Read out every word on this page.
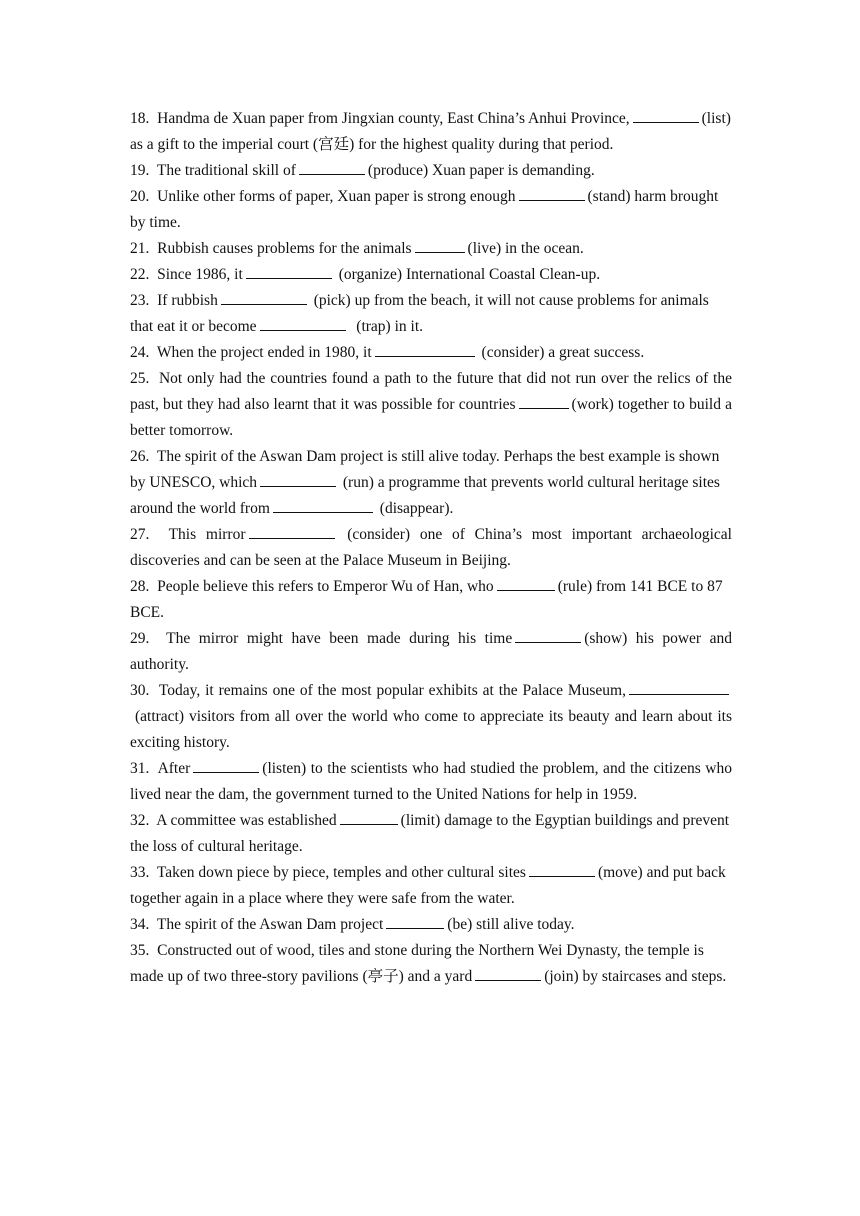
18. Handma de Xuan paper from Jingxian county, East China’s Anhui Province,	(list) as a gift to the imperial court (宫廷) for the highest quality during that period.

19. The traditional skill of	(produce) Xuan paper is demanding.

20. Unlike other forms of paper, Xuan paper is strong enough	(stand) harm brought by time.

21. Rubbish causes problems for the animals	(live) in the ocean.

22. Since 1986, it	(organize) International Coastal Clean-up.

23. If rubbish	(pick) up from the beach, it will not cause problems for animals that eat it or become	(trap) in it.

24. When the project ended in 1980, it	(consider) a great success.

25. Not only had the countries found a path to the future that did not run over the relics of the past, but they had also learnt that it was possible for countries	(work) together to build a better tomorrow.

26. The spirit of the Aswan Dam project is still alive today. Perhaps the best example is shown by UNESCO, which	(run) a programme that prevents world cultural heritage sites around the world from	(disappear).

27. This mirror	(consider) one of China’s most important archaeological discoveries and can be seen at the Palace Museum in Beijing.

28. People believe this refers to Emperor Wu of Han, who	(rule) from 141 BCE to 87 BCE.

29. The mirror might have been made during his time	(show) his power and authority.

30. Today, it remains one of the most popular exhibits at the Palace Museum, (attract) visitors from all over the world who come to appreciate its beauty and learn about its exciting history.

31. After	(listen) to the scientists who had studied the problem, and the citizens who lived near the dam, the government turned to the United Nations for help in 1959.

32. A committee was established	(limit) damage to the Egyptian buildings and prevent the loss of cultural heritage.

33. Taken down piece by piece, temples and other cultural sites	(move) and put back together again in a place where they were safe from the water.

34. The spirit of the Aswan Dam project	(be) still alive today.

35. Constructed out of wood, tiles and stone during the Northern Wei Dynasty, the temple is made up of two three-story pavilions (亭子) and a yard	(join) by staircases and steps.
